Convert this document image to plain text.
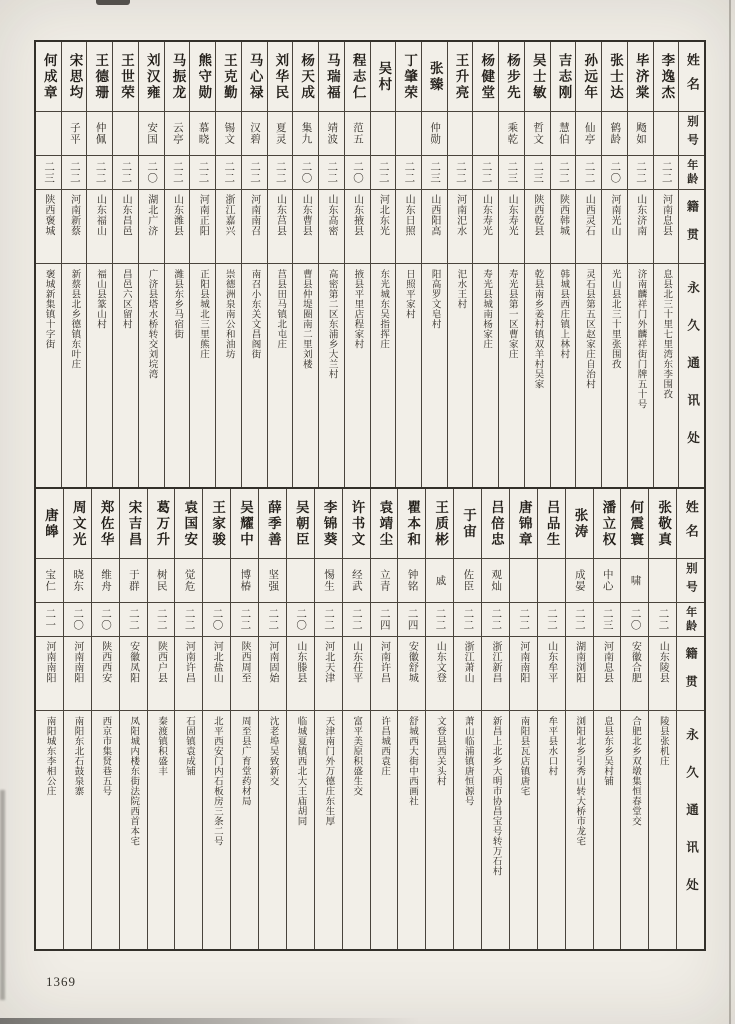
何成章
二三
陕西褒城
褒城新集镇十字街
宋思均
子平
二二
河南新蔡
新蔡县北乡德镇东叶庄
王德珊
仲佩
二二
山东福山
福山县篆山村
王世荣
二二
山东昌邑
昌邑六区留村
刘汉雍
安国
二〇
湖北广济
广济县塔水桥转交刘垸湾
马振龙
云亭
二二
山东潍县
潍县东乡马宿街
熊守勋
慕晓
二二
河南正阳
正阳县城北三里熊庄
王克勤
锡文
二二
浙江嘉兴
崇德洲泉南公和油坊
马心禄
汉碧
二二
河南南召
南召小东关文昌阁街
刘华民
夏灵
二二
山东莒县
莒县田马镇北屯庄
杨天成
集九
二〇
山东曹县
曹县仲堤圈南二里刘楼
马瑞福
靖波
二二
山东高密
高密第二区东浦乡大兰村
程志仁
范五
二〇
山东掖县
掖县平里店程家村
吴村
二二
河北东光
东光城东吴指挥庄
丁肇荣
二二
山东日照
日照平家村
张臻
仲勋
二三
山西阳高
阳高罗文皂村
王升亮
二二
河南汜水
汜水王村
杨健堂
二二
山东寿光
寿光县城南杨家庄
杨步先
乘乾
二三
山东寿光
寿光县第一区曹家庄
吴士敏
哲文
二三
陕西乾县
乾县南乡姜村镇双羊村吴家
吉志刚
慧伯
二二
陕西韩城
韩城县西庄镇上林村
孙远年
仙亭
二二
山西灵石
灵石县第五区赵家庄自治村
张士达
鹤龄
二〇
河南光山
光山县北三十里张围孜
毕济棠
飏如
二二
山东济南
济南麟祥门外麟祥街门牌五十号
李逸杰
二二
河南息县
息县北三十里七里湾东李围孜
姓名
别号
年龄
籍贯
永久通讯处
唐皞
宝仁
二一
河南南阳
南阳城东李相公庄
周文光
晓东
二〇
河南南阳
南阳东北石鼓泉寨
郑佐华
维舟
二〇
陕西西安
西京市集贤巷五号
宋吉昌
于群
二二
安徽凤阳
凤阳城内楼东街法院西首本宅
葛万升
树民
二二
陕西户县
秦渡镇积盛丰
袁国安
觉危
二二
河南许昌
石固镇袁成铺
王家骏
二〇
河北盐山
北平西安门内石板房三条二号
吴耀中
博椿
二二
陕西周至
周至县广育堂药材局
薛季善
坚强
二二
河南固始
沈老埠吴致新交
吴朝臣
二〇
山东滕县
临城夏镇西北大王庙胡同
李锦葵
惕生
二二
河北天津
天津南门外万德庄东生厚
许书文
经武
二二
山东茌平
富平美原积盛生交
袁靖尘
立青
二四
河南许昌
许昌城西袁庄
瞿本和
钟铭
二四
安徽舒城
舒城西大街中西画社
王质彬
戚
二二
山东文登
文登县西关头村
于宙
佐臣
二二
浙江萧山
萧山临浦镇唐恒源号
吕倍忠
观灿
二二
浙江新昌
新昌上北乡大明市协昌宝号转万石村
唐锦章
二二
河南南阳
南阳县瓦店镇唐宅
吕品生
二二
山东牟平
牟平县水口村
张涛
成晏
二二
湖南浏阳
浏阳北乡引秀山转大桥市龙宅
潘立权
中心
二三
河南息县
息县东乡吴村铺
何震寰
啸
二〇
安徽合肥
合肥北乡双墩集恒春堂交
张敬真
二二
山东陵县
陵县张机庄
姓名
别号
年龄
籍贯
永久通讯处
1369
